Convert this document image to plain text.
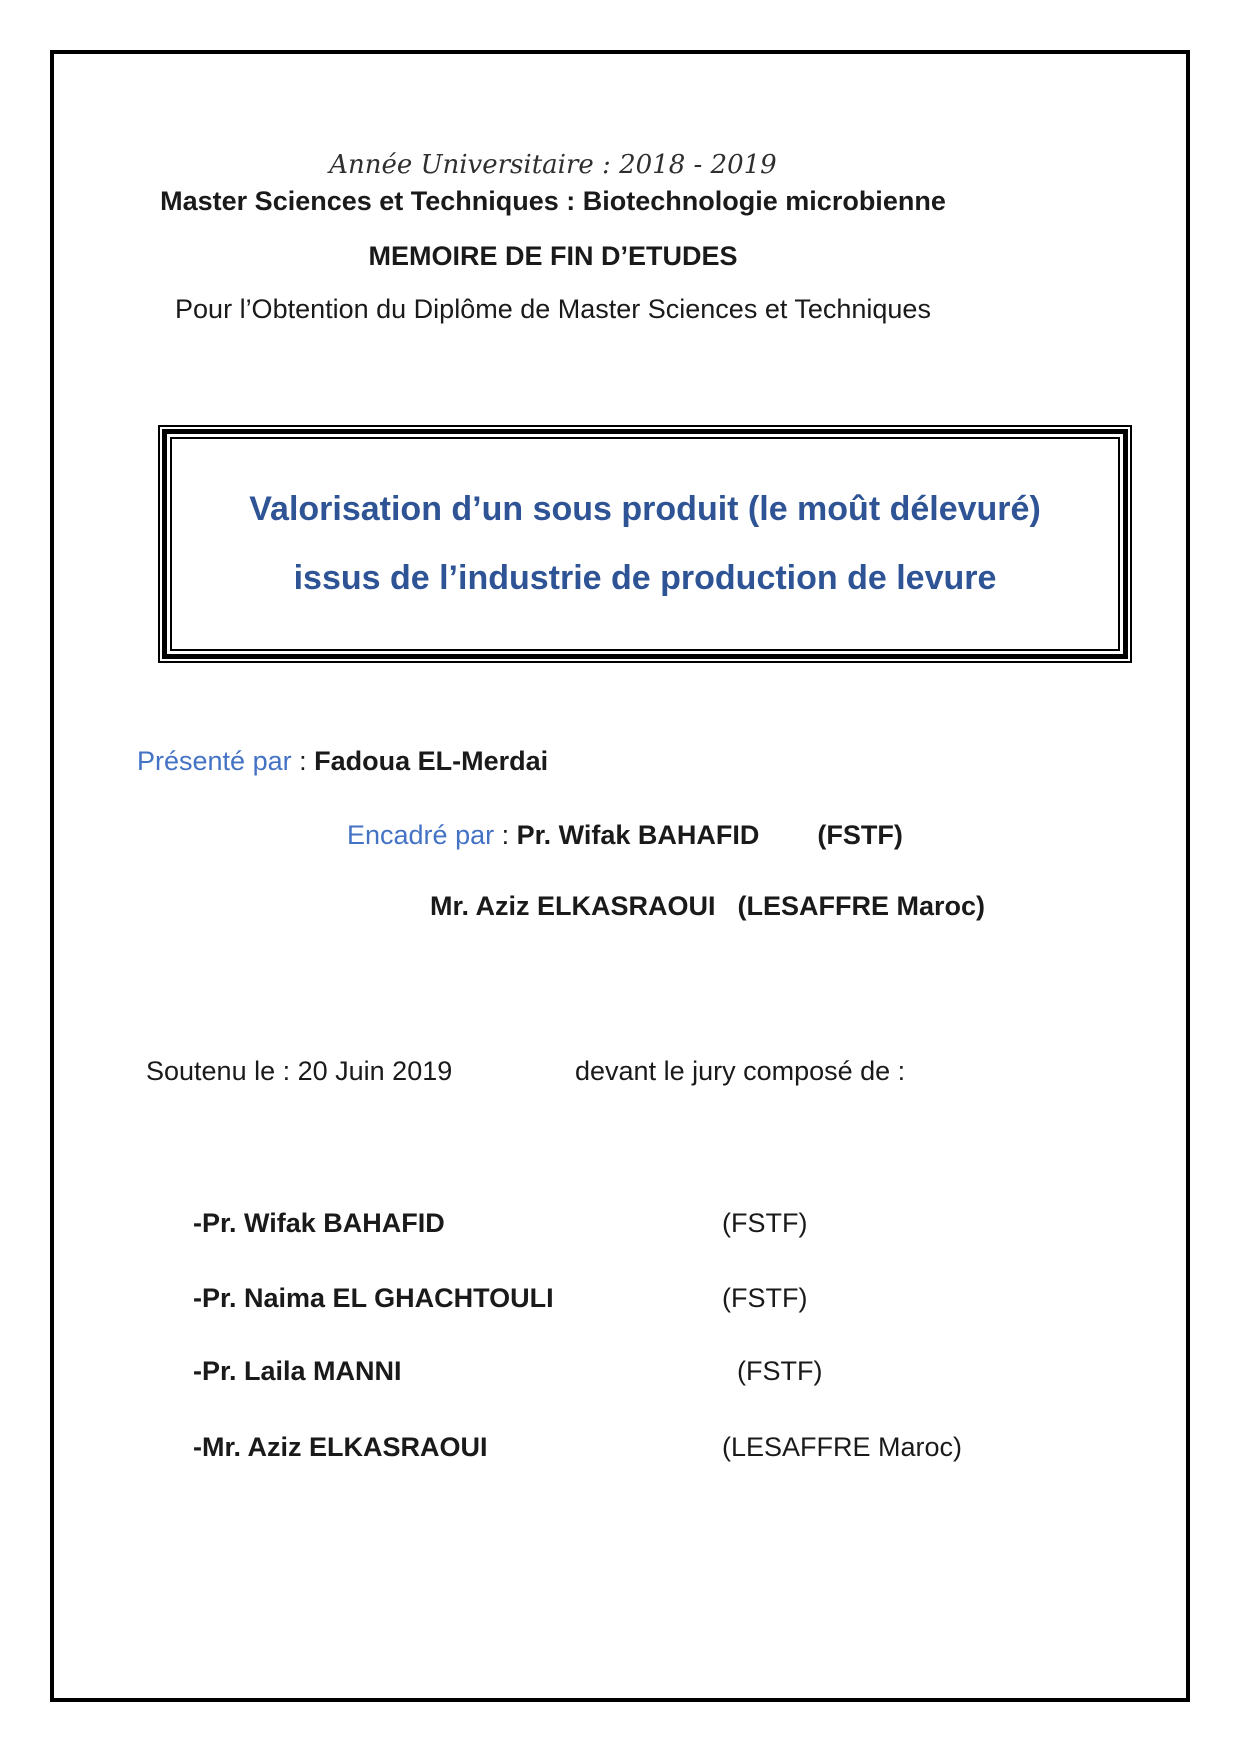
Année Universitaire : 2018 - 2019
Master Sciences et Techniques : Biotechnologie microbienne
MEMOIRE DE FIN D’ETUDES
Pour l’Obtention du Diplôme de Master Sciences et Techniques
Valorisation d’un sous produit (le moût délevuré)
issus de l’industrie de production de levure
Présenté par : Fadoua EL-Merdai
Encadré par : Pr. Wifak BAHAFID (FSTF)
Mr. Aziz ELKASRAOUI (LESAFFRE Maroc)
Soutenu le : 20 Juin 2019	devant le jury composé de :
-Pr. Wifak BAHAFID	(FSTF)
-Pr. Naima EL GHACHTOULI	(FSTF)
-Pr. Laila MANNI	(FSTF)
-Mr. Aziz ELKASRAOUI	(LESAFFRE Maroc)
